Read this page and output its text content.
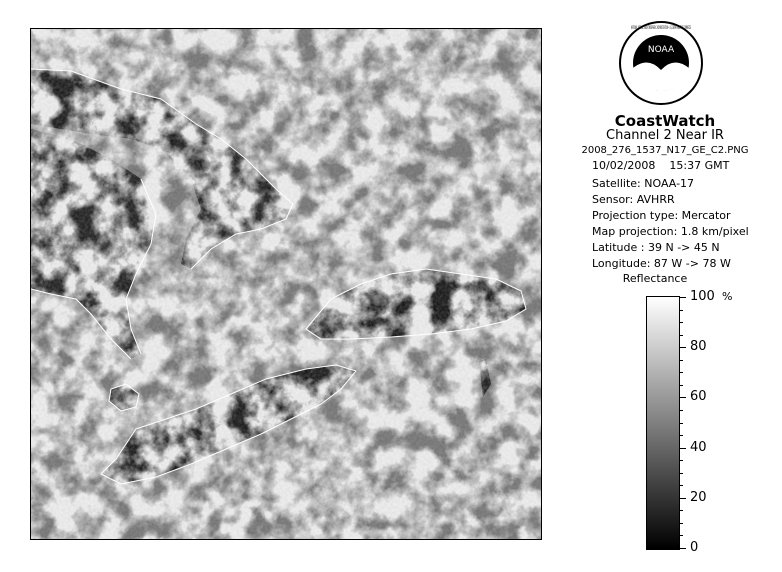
NOAA
NATIONAL OCEANIC AND ATMOSPHERIC ADMINISTRATION • U.S. DEPARTMENT OF COMMERCE
CoastWatch
Channel 2 Near IR
2008_276_1537_N17_GE_C2.PNG
10/02/2008 15:37 GMT
Satellite: NOAA-17
Sensor: AVHRR
Projection type: Mercator
Map projection: 1.8 km/pixel
Latitude : 39 N -> 45 N
Longitude: 87 W -> 78 W
Reflectance
%
100
80
60
40
20
0
